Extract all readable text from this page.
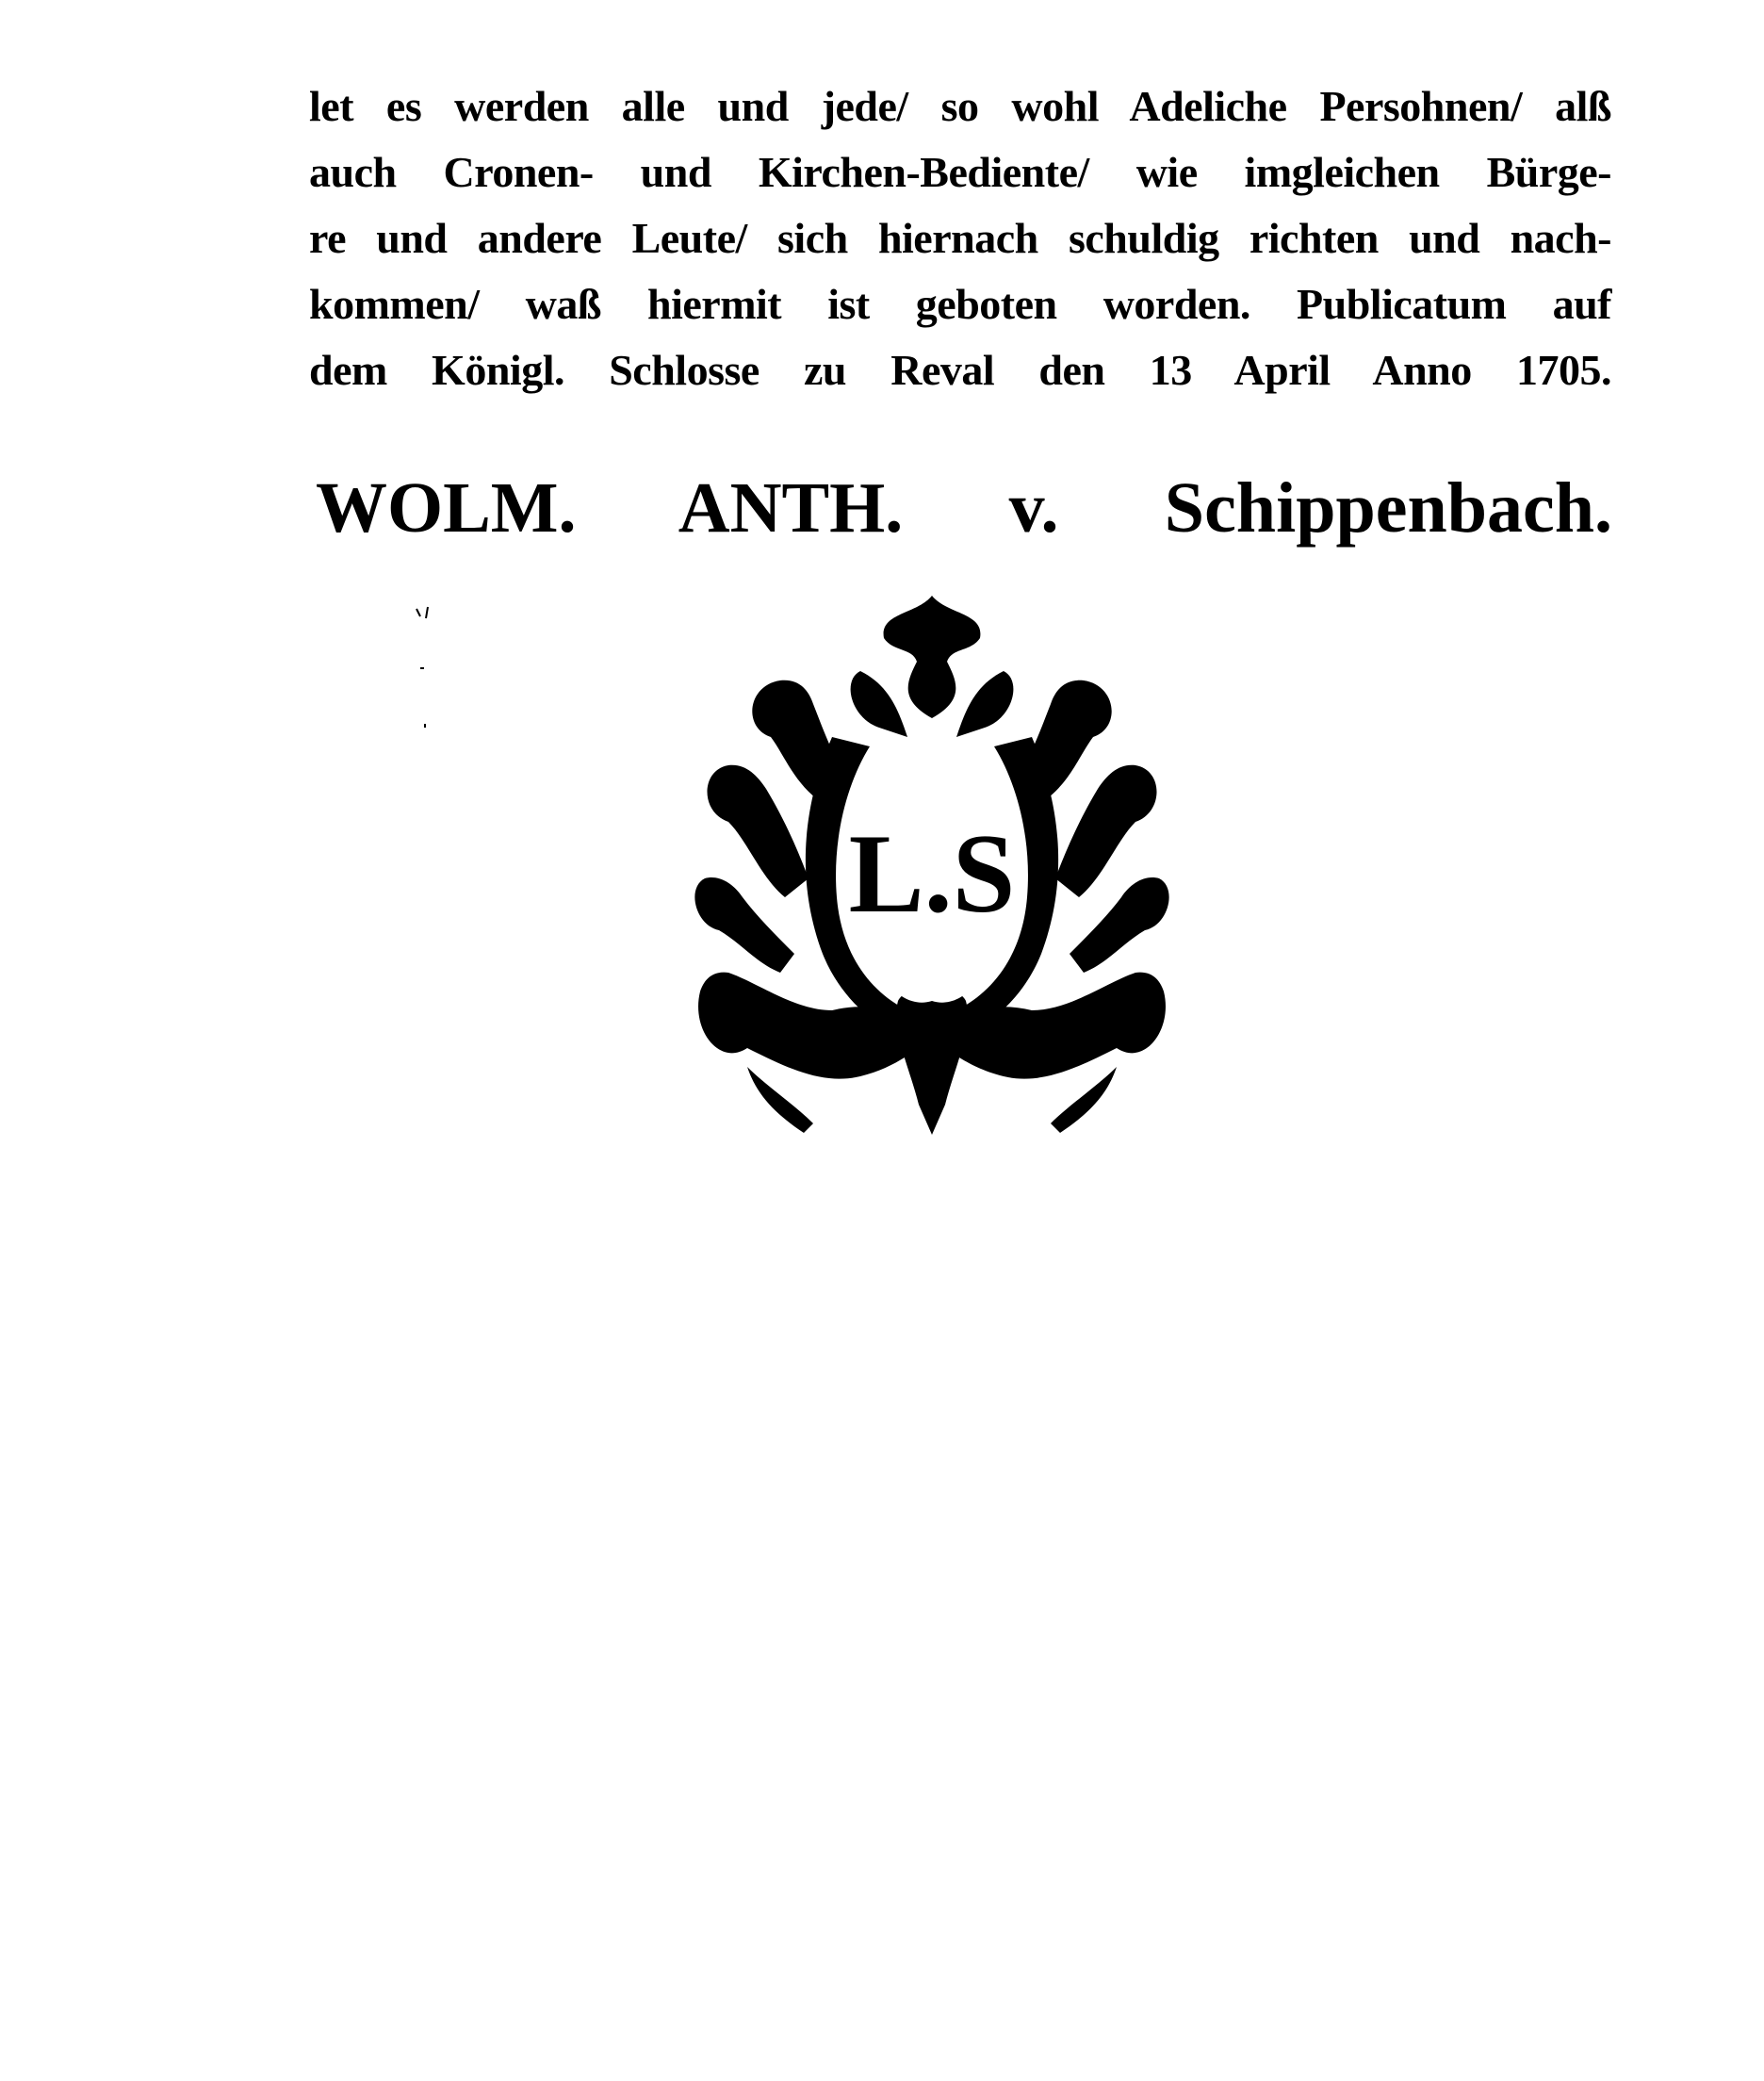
let es werden alle und jede/ so wohl Adeliche Persohnen/ alß
auch Cronen- und Kirchen-Bediente/ wie imgleichen Bürge-
re und andere Leute/ sich hiernach schuldig richten und nach-
kommen/ waß hiermit ist geboten worden. Publicatum auf
dem Königl. Schlosse zu Reval den 13 April Anno 1705.
WOLM. ANTH. v. Schippenbach.
L.S
